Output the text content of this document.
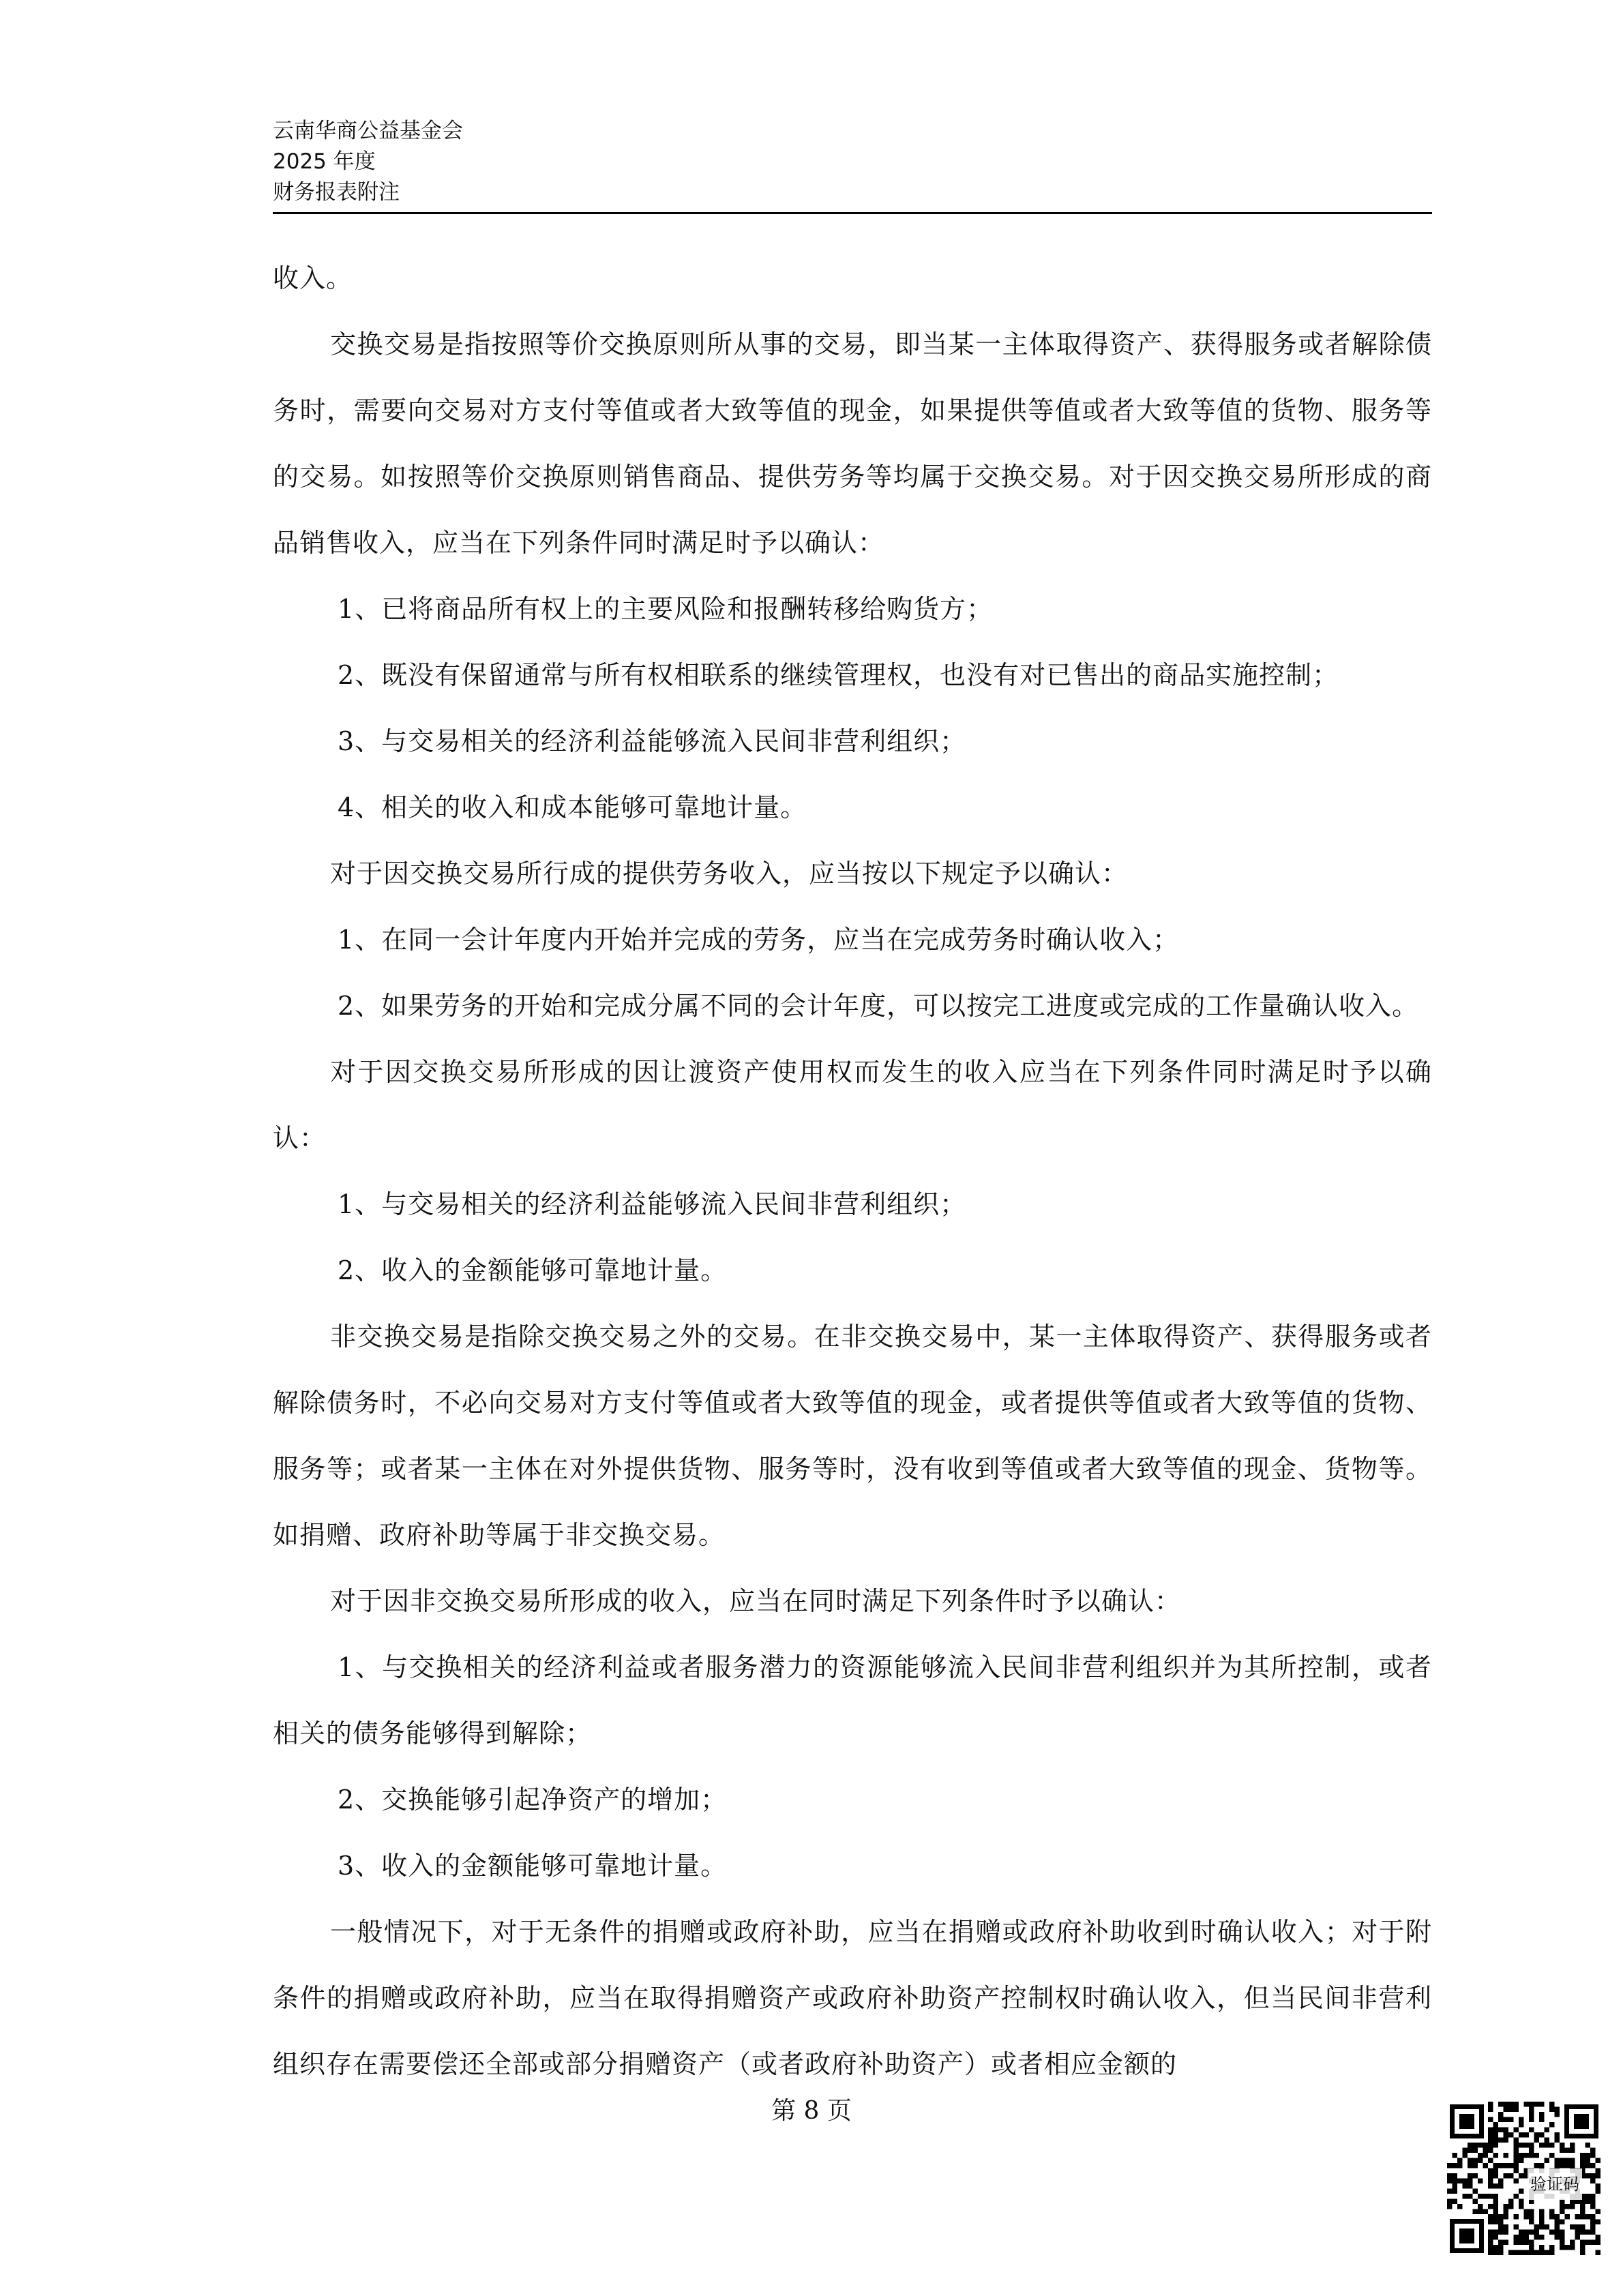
云南华商公益基金会
2025 年度
财务报表附注

收入。

交换交易是指按照等价交换原则所从事的交易，即当某一主体取得资产、获得服务或者解除债务时，需要向交易对方支付等值或者大致等值的现金，如果提供等值或者大致等值的货物、服务等的交易。如按照等价交换原则销售商品、提供劳务等均属于交换交易。对于因交换交易所形成的商品销售收入，应当在下列条件同时满足时予以确认：

1、已将商品所有权上的主要风险和报酬转移给购货方；

2、既没有保留通常与所有权相联系的继续管理权，也没有对已售出的商品实施控制；

3、与交易相关的经济利益能够流入民间非营利组织；

4、相关的收入和成本能够可靠地计量。

对于因交换交易所行成的提供劳务收入，应当按以下规定予以确认：

1、在同一会计年度内开始并完成的劳务，应当在完成劳务时确认收入；

2、如果劳务的开始和完成分属不同的会计年度，可以按完工进度或完成的工作量确认收入。

对于因交换交易所形成的因让渡资产使用权而发生的收入应当在下列条件同时满足时予以确认：

1、与交易相关的经济利益能够流入民间非营利组织；

2、收入的金额能够可靠地计量。

非交换交易是指除交换交易之外的交易。在非交换交易中，某一主体取得资产、获得服务或者解除债务时，不必向交易对方支付等值或者大致等值的现金，或者提供等值或者大致等值的货物、服务等；或者某一主体在对外提供货物、服务等时，没有收到等值或者大致等值的现金、货物等。如捐赠、政府补助等属于非交换交易。

对于因非交换交易所形成的收入，应当在同时满足下列条件时予以确认：

1、与交换相关的经济利益或者服务潜力的资源能够流入民间非营利组织并为其所控制，或者相关的债务能够得到解除；

2、交换能够引起净资产的增加；

3、收入的金额能够可靠地计量。

一般情况下，对于无条件的捐赠或政府补助，应当在捐赠或政府补助收到时确认收入；对于附条件的捐赠或政府补助，应当在取得捐赠资产或政府补助资产控制权时确认收入，但当民间非营利组织存在需要偿还全部或部分捐赠资产（或者政府补助资产）或者相应金额的

第 8 页
验证码
